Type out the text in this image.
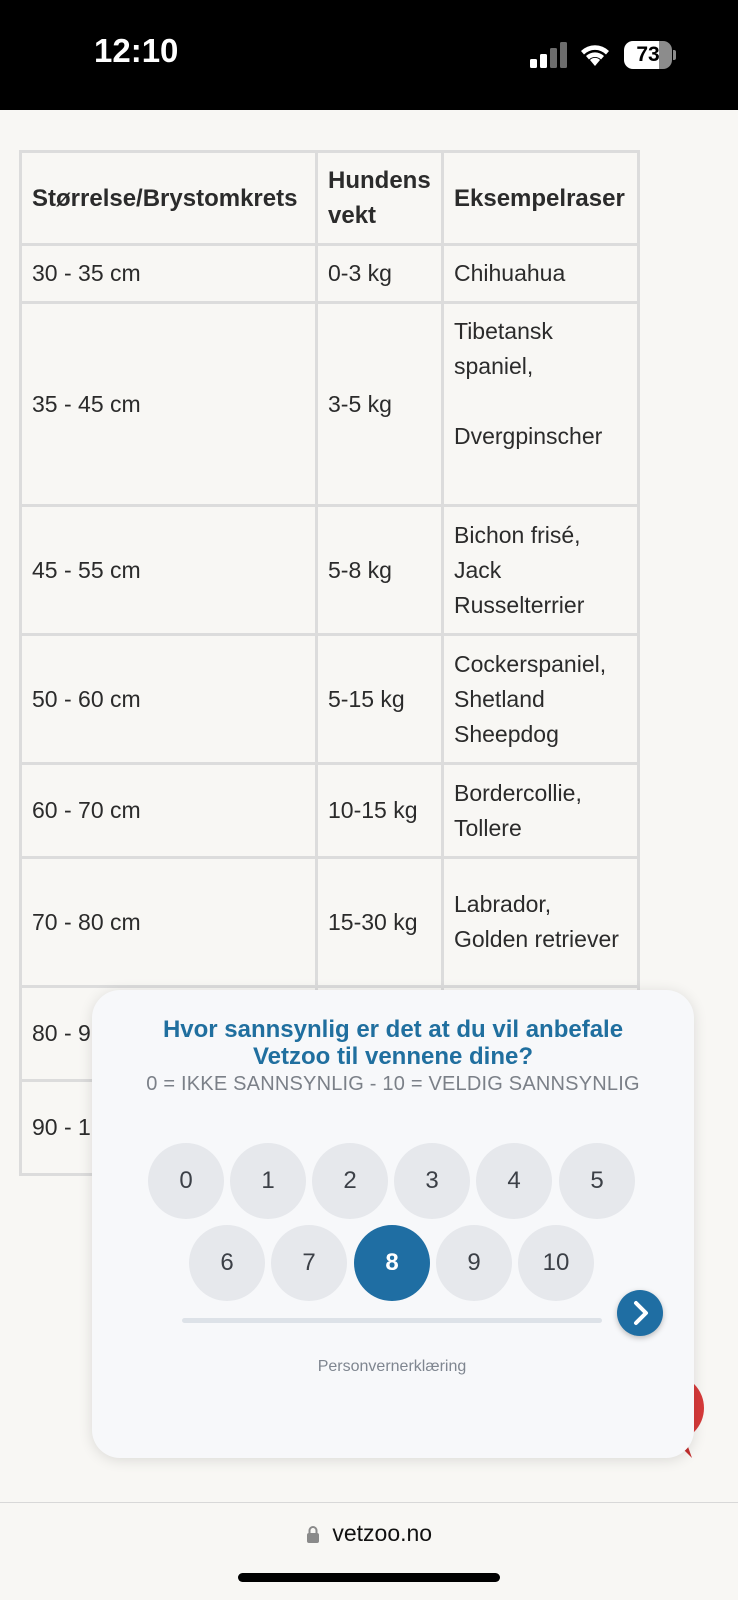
12:10	73
Størrelse/Brystomkrets	Hundens vekt	Eksempelraser
30 - 35 cm	0-3 kg	Chihuahua
35 - 45 cm	3-5 kg	Tibetansk spaniel,

Dvergpinscher
45 - 55 cm	5-8 kg	Bichon frisé, Jack Russelterrier
50 - 60 cm	5-15 kg	Cockerspaniel, Shetland Sheepdog
60 - 70 cm	10-15 kg	Bordercollie, Tollere
70 - 80 cm	15-30 kg	Labrador, Golden retriever
80 - 9		
90 - 1		
Hvor sannsynlig er det at du vil anbefale Vetzoo til vennene dine?
0 = IKKE SANNSYNLIG - 10 = VELDIG SANNSYNLIG
0	1	2	3	4	5
6	7	8	9	10
Personvernerklæring
vetzoo.no
